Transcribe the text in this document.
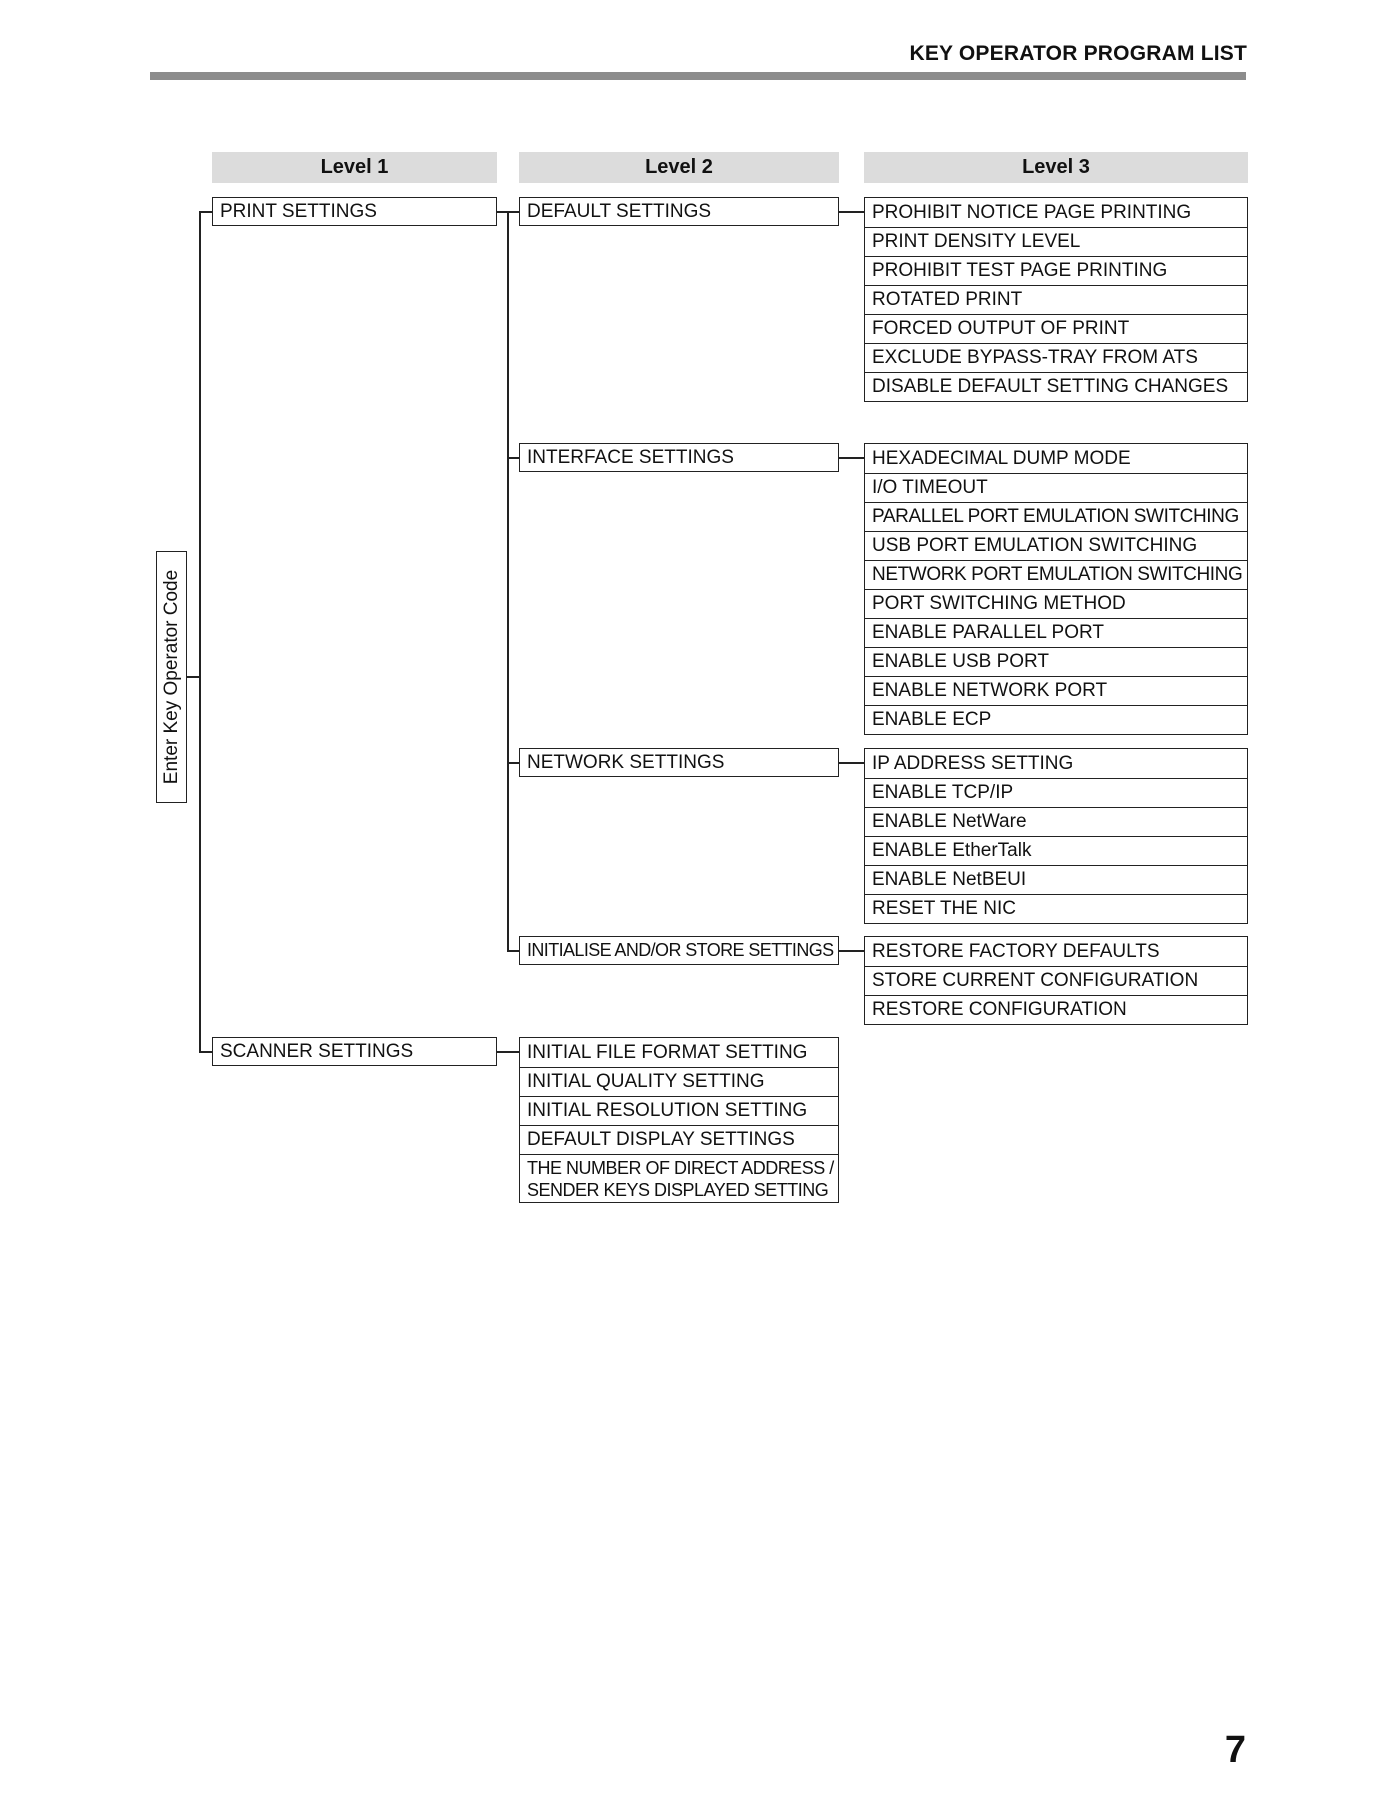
KEY OPERATOR PROGRAM LIST
Level 1	Level 2	Level 3
Enter Key Operator Code
PRINT SETTINGS
SCANNER SETTINGS
DEFAULT SETTINGS
INTERFACE SETTINGS
NETWORK SETTINGS
INITIALISE AND/OR STORE SETTINGS
INITIAL FILE FORMAT SETTING
INITIAL QUALITY SETTING
INITIAL RESOLUTION SETTING
DEFAULT DISPLAY SETTINGS
THE NUMBER OF DIRECT ADDRESS / SENDER KEYS DISPLAYED SETTING
PROHIBIT NOTICE PAGE PRINTING
PRINT DENSITY LEVEL
PROHIBIT TEST PAGE PRINTING
ROTATED PRINT
FORCED OUTPUT OF PRINT
EXCLUDE BYPASS-TRAY FROM ATS
DISABLE DEFAULT SETTING CHANGES
HEXADECIMAL DUMP MODE
I/O TIMEOUT
PARALLEL PORT EMULATION SWITCHING
USB PORT EMULATION SWITCHING
NETWORK PORT EMULATION SWITCHING
PORT SWITCHING METHOD
ENABLE PARALLEL PORT
ENABLE USB PORT
ENABLE NETWORK PORT
ENABLE ECP
IP ADDRESS SETTING
ENABLE TCP/IP
ENABLE NetWare
ENABLE EtherTalk
ENABLE NetBEUI
RESET THE NIC
RESTORE FACTORY DEFAULTS
STORE CURRENT CONFIGURATION
RESTORE CONFIGURATION
7
